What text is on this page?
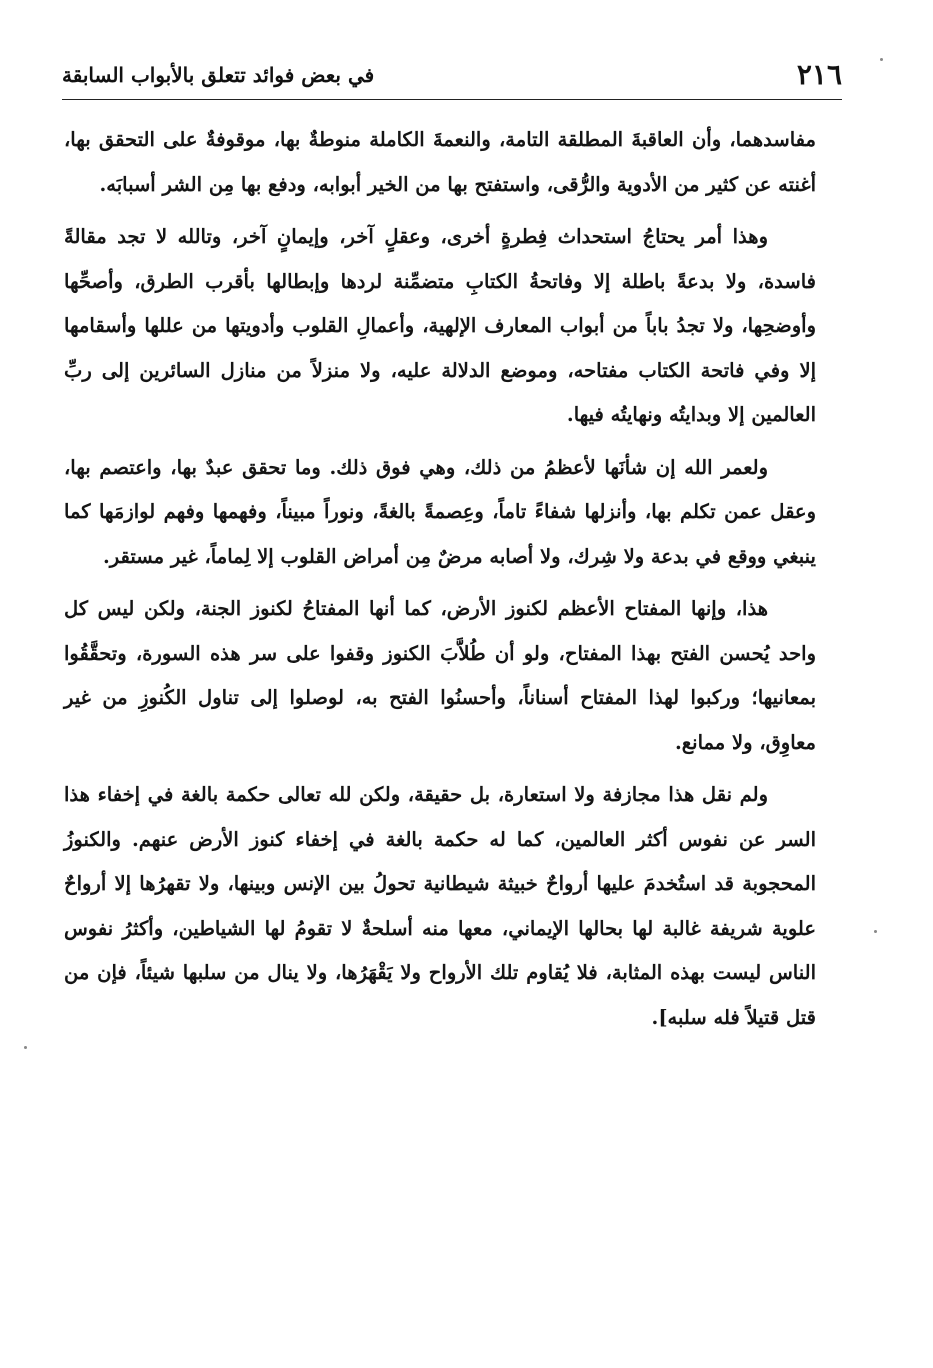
٢١٦
في بعض فوائد تتعلق بالأبواب السابقة

مفاسدهما، وأن العاقبةَ المطلقة التامة، والنعمةَ الكاملة منوطةٌ بها، موقوفةٌ على التحقق بها، أغنته عن كثير من الأدوية والرُّقى، واستفتح بها من الخير أبوابه، ودفع بها مِن الشر أسبابَه.

وهذا أمر يحتاجُ استحداث فِطرةٍ أخرى، وعقلٍ آخر، وإيمانٍ آخر، وتالله لا تجد مقالةً فاسدة، ولا بدعةً باطلة إلا وفاتحةُ الكتابِ متضمِّنة لردها وإبطالها بأقرب الطرق، وأصحِّها وأوضحِها، ولا تجدُ باباً من أبواب المعارف الإلهية، وأعمالِ القلوب وأدويتها من عللها وأسقامها إلا وفي فاتحة الكتاب مفتاحه، وموضع الدلالة عليه، ولا منزلاً من منازل السائرين إلى ربِّ العالمين إلا وبدايتُه ونهايتُه فيها.

ولعمر الله إن شأنَها لأعظمُ من ذلك، وهي فوق ذلك. وما تحقق عبدٌ بها، واعتصم بها، وعقل عمن تكلم بها، وأنزلها شفاءً تاماً، وعِصمةً بالغةً، ونوراً مبيناً، وفهمها وفهم لوازمَها كما ينبغي ووقع في بدعة ولا شِرك، ولا أصابه مرضٌ مِن أمراض القلوب إلا لِماماً، غير مستقر.

هذا، وإنها المفتاح الأعظم لكنوز الأرض، كما أنها المفتاحُ لكنوز الجنة، ولكن ليس كل واحد يُحسن الفتح بهذا المفتاح، ولو أن طُلاَّبَ الكنوز وقفوا على سر هذه السورة، وتحقَّقُوا بمعانيها؛ وركبوا لهذا المفتاح أسناناً، وأحسنُوا الفتح به، لوصلوا إلى تناول الكُنوزِ من غير معاوِق، ولا ممانع.

ولم نقل هذا مجازفة ولا استعارة، بل حقيقة، ولكن لله تعالى حكمة بالغة في إخفاء هذا السر عن نفوس أكثر العالمين، كما له حكمة بالغة في إخفاء كنوز الأرض عنهم. والكنوزُ المحجوبة قد استُخدمَ عليها أرواحٌ خبيثة شيطانية تحولُ بين الإنس وبينها، ولا تقهرُها إلا أرواحٌ علوية شريفة غالبة لها بحالها الإيماني، معها منه أسلحةٌ لا تقومُ لها الشياطين، وأكثرُ نفوس الناس ليست بهذه المثابة، فلا يُقاوم تلك الأرواح ولا يَقْهَرُها، ولا ينال من سلبها شيئاً، فإن من قتل قتيلاً فله سلبه].
